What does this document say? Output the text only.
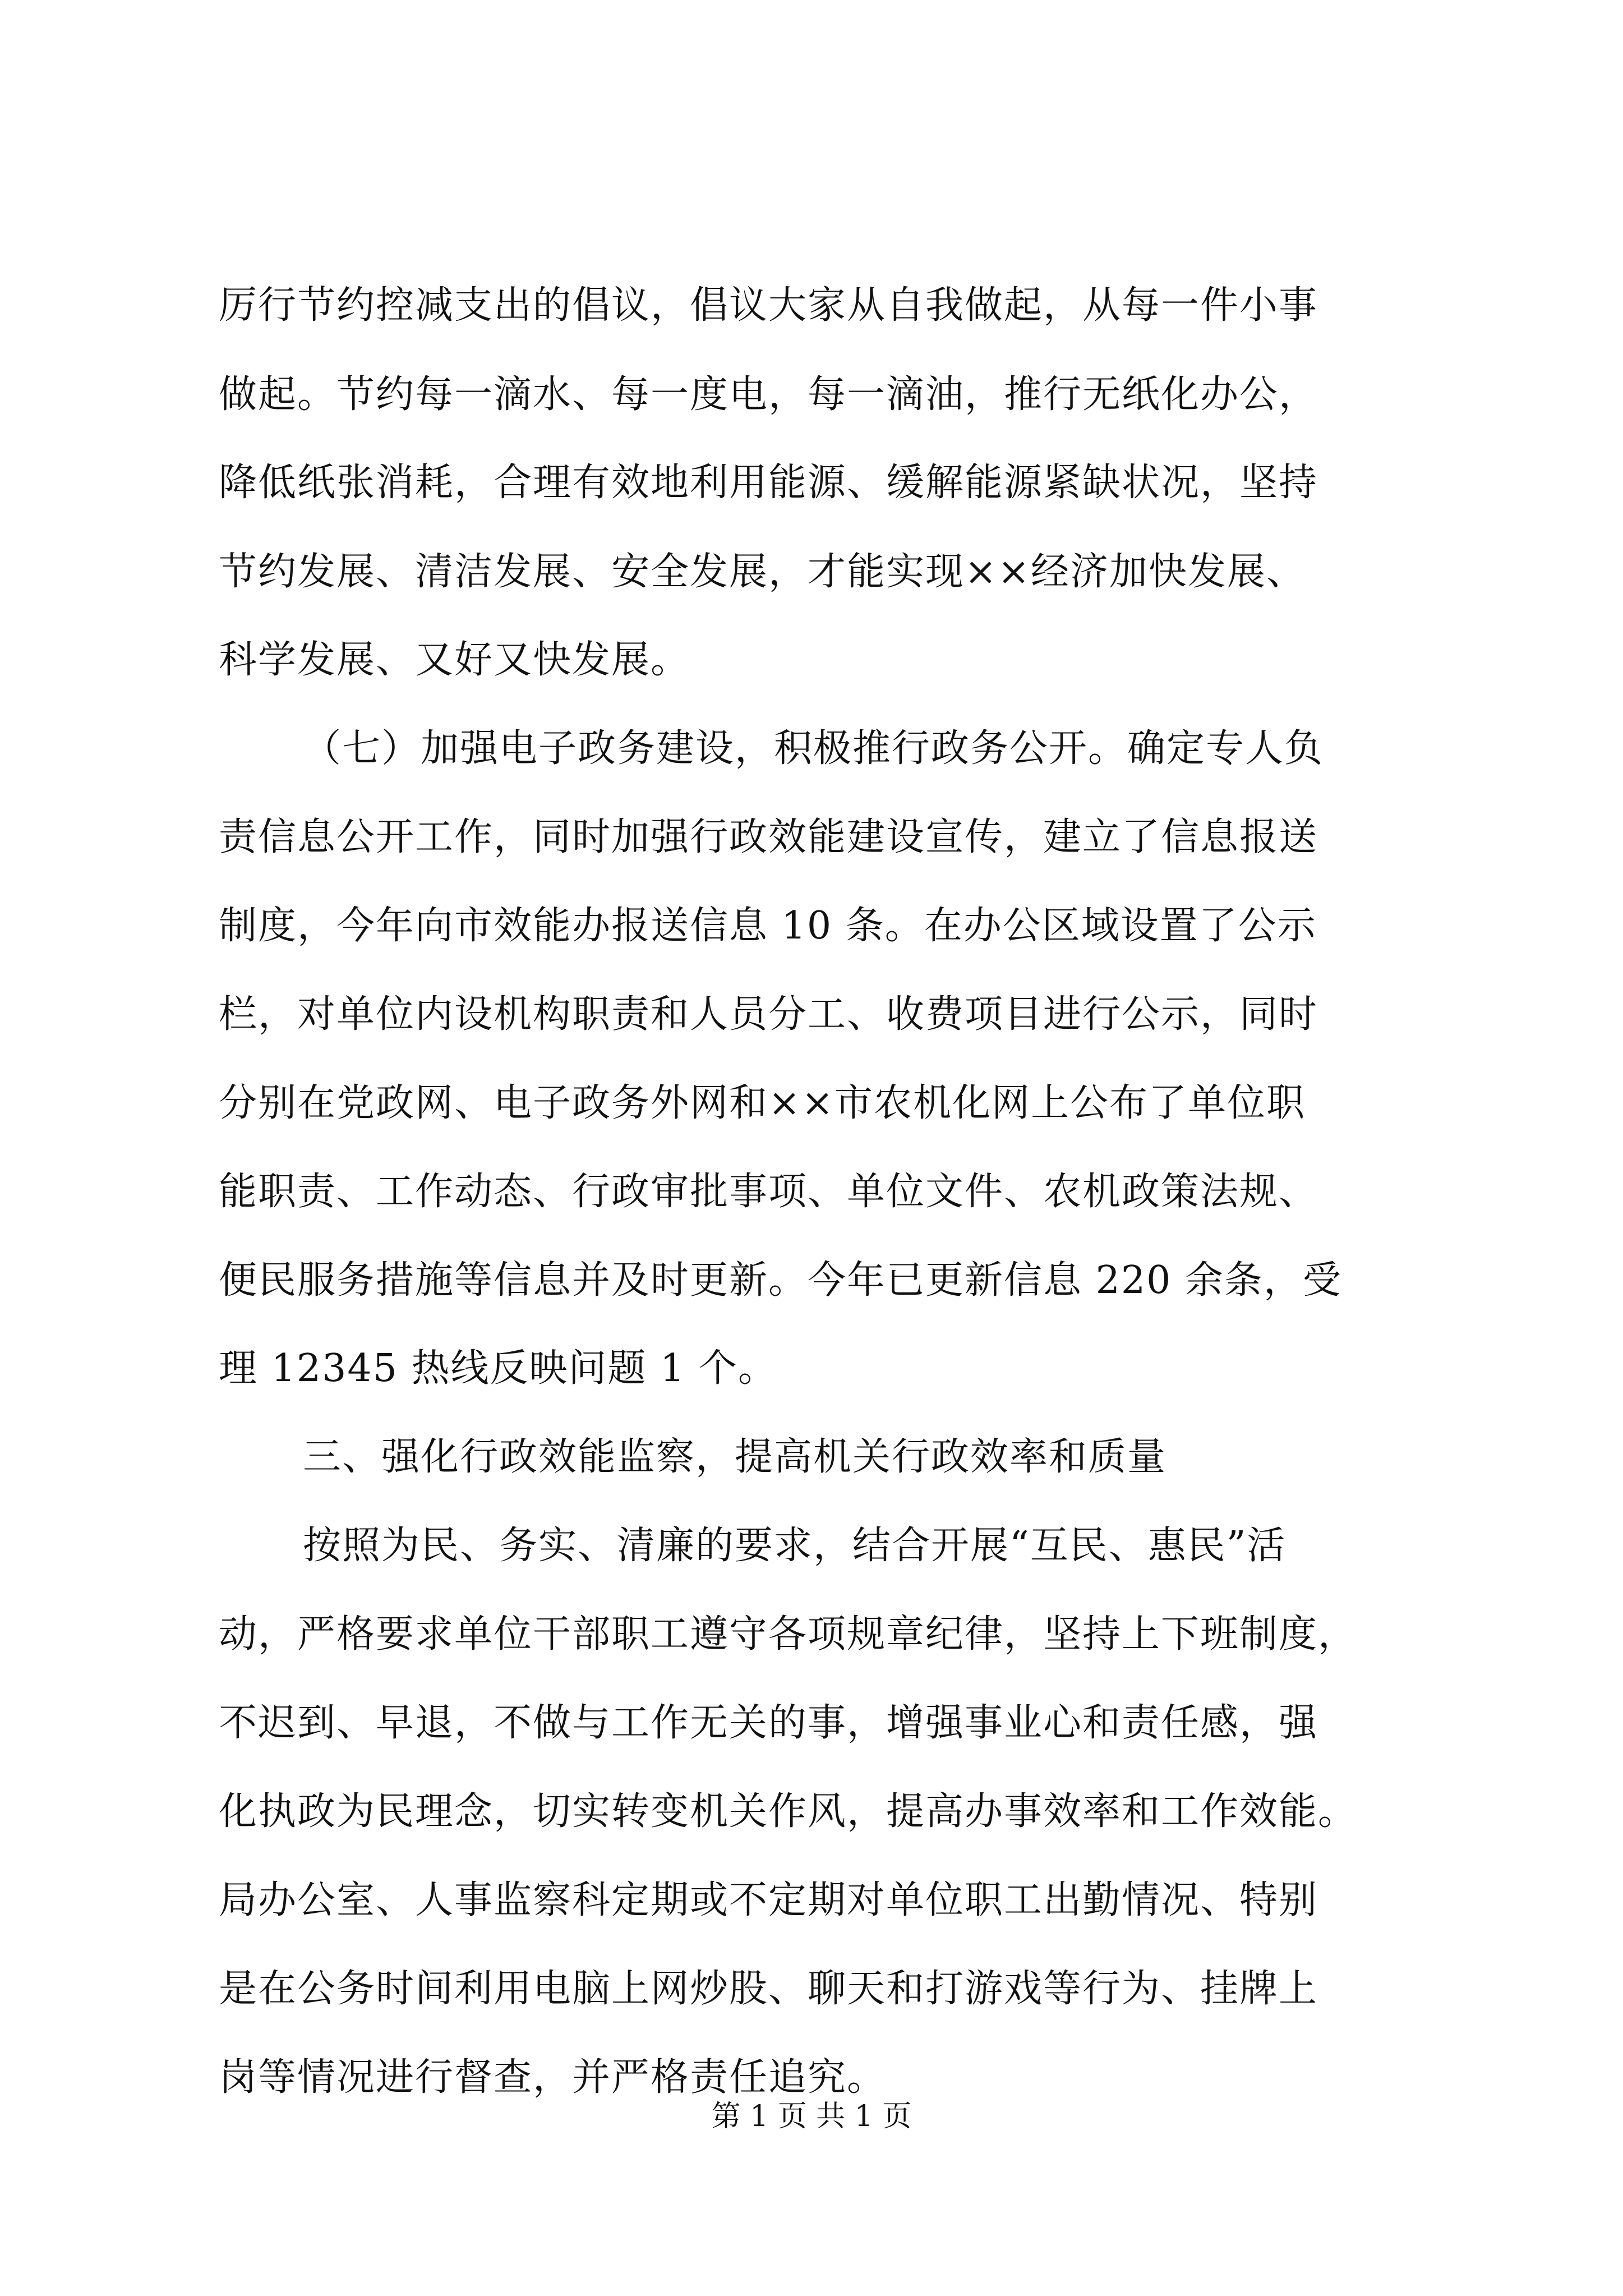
厉行节约控减支出的倡议，倡议大家从自我做起，从每一件小事
做起。节约每一滴水、每一度电，每一滴油，推行无纸化办公，
降低纸张消耗，合理有效地利用能源、缓解能源紧缺状况，坚持
节约发展、清洁发展、安全发展，才能实现××经济加快发展、
科学发展、又好又快发展。
（七）加强电子政务建设，积极推行政务公开。确定专人负
责信息公开工作，同时加强行政效能建设宣传，建立了信息报送
制度，今年向市效能办报送信息 10 条。在办公区域设置了公示
栏，对单位内设机构职责和人员分工、收费项目进行公示，同时
分别在党政网、电子政务外网和××市农机化网上公布了单位职
能职责、工作动态、行政审批事项、单位文件、农机政策法规、
便民服务措施等信息并及时更新。今年已更新信息 220 余条，受
理 12345 热线反映问题 1 个。
三、强化行政效能监察，提高机关行政效率和质量
按照为民、务实、清廉的要求，结合开展“互民、惠民”活
动，严格要求单位干部职工遵守各项规章纪律，坚持上下班制度，
不迟到、早退，不做与工作无关的事，增强事业心和责任感，强
化执政为民理念，切实转变机关作风，提高办事效率和工作效能。
局办公室、人事监察科定期或不定期对单位职工出勤情况、特别
是在公务时间利用电脑上网炒股、聊天和打游戏等行为、挂牌上
岗等情况进行督查，并严格责任追究。
第 1 页 共 1 页
